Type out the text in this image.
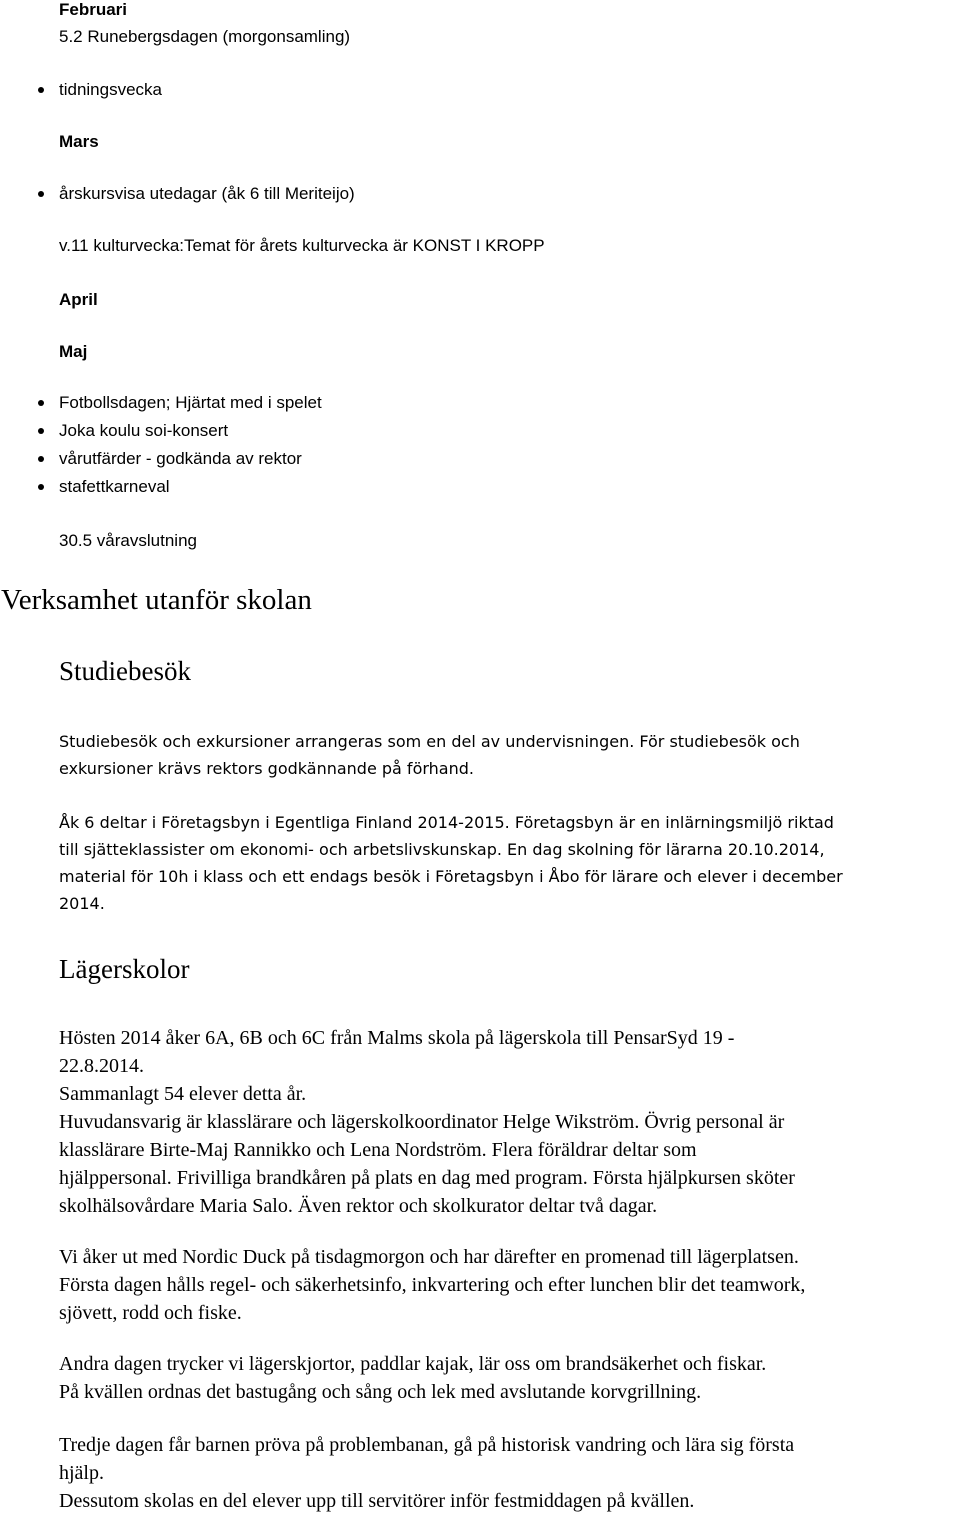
Februari
5.2 Runebergsdagen (morgonsamling)
tidningsvecka
Mars
årskursvisa utedagar (åk 6 till Meriteijo)
v.11 kulturvecka:Temat för årets kulturvecka är KONST I KROPP
April
Maj
Fotbollsdagen; Hjärtat med i spelet
Joka koulu soi-konsert
vårutfärder - godkända av rektor
stafettkarneval
30.5 våravslutning
Verksamhet utanför skolan
Studiebesök
Studiebesök och exkursioner arrangeras som en del av undervisningen. För studiebesök och
exkursioner krävs rektors godkännande på förhand.
Åk 6 deltar i Företagsbyn i Egentliga Finland 2014-2015. Företagsbyn är en inlärningsmiljö riktad
till sjätteklassister om ekonomi- och arbetslivskunskap. En dag skolning för lärarna 20.10.2014,
material för 10h i klass och ett endags besök i Företagsbyn i Åbo för lärare och elever i december
2014.
Lägerskolor
Hösten 2014 åker 6A, 6B och 6C från Malms skola på lägerskola till PensarSyd 19 -
22.8.2014.
Sammanlagt 54 elever detta år.
Huvudansvarig är klasslärare och lägerskolkoordinator Helge Wikström. Övrig personal är
klasslärare Birte-Maj Rannikko och Lena Nordström. Flera föräldrar deltar som
hjälppersonal. Frivilliga brandkåren på plats en dag med program. Första hjälpkursen sköter
skolhälsovårdare Maria Salo. Även rektor och skolkurator deltar två dagar.
Vi åker ut med Nordic Duck på tisdagmorgon och har därefter en promenad till lägerplatsen.
Första dagen hålls regel- och säkerhetsinfo, inkvartering och efter lunchen blir det teamwork,
sjövett, rodd och fiske.
Andra dagen trycker vi lägerskjortor, paddlar kajak, lär oss om brandsäkerhet och fiskar.
På kvällen ordnas det bastugång och sång och lek med avslutande korvgrillning.
Tredje dagen får barnen pröva på problembanan, gå på historisk vandring och lära sig första
hjälp.
Dessutom skolas en del elever upp till servitörer inför festmiddagen på kvällen.
